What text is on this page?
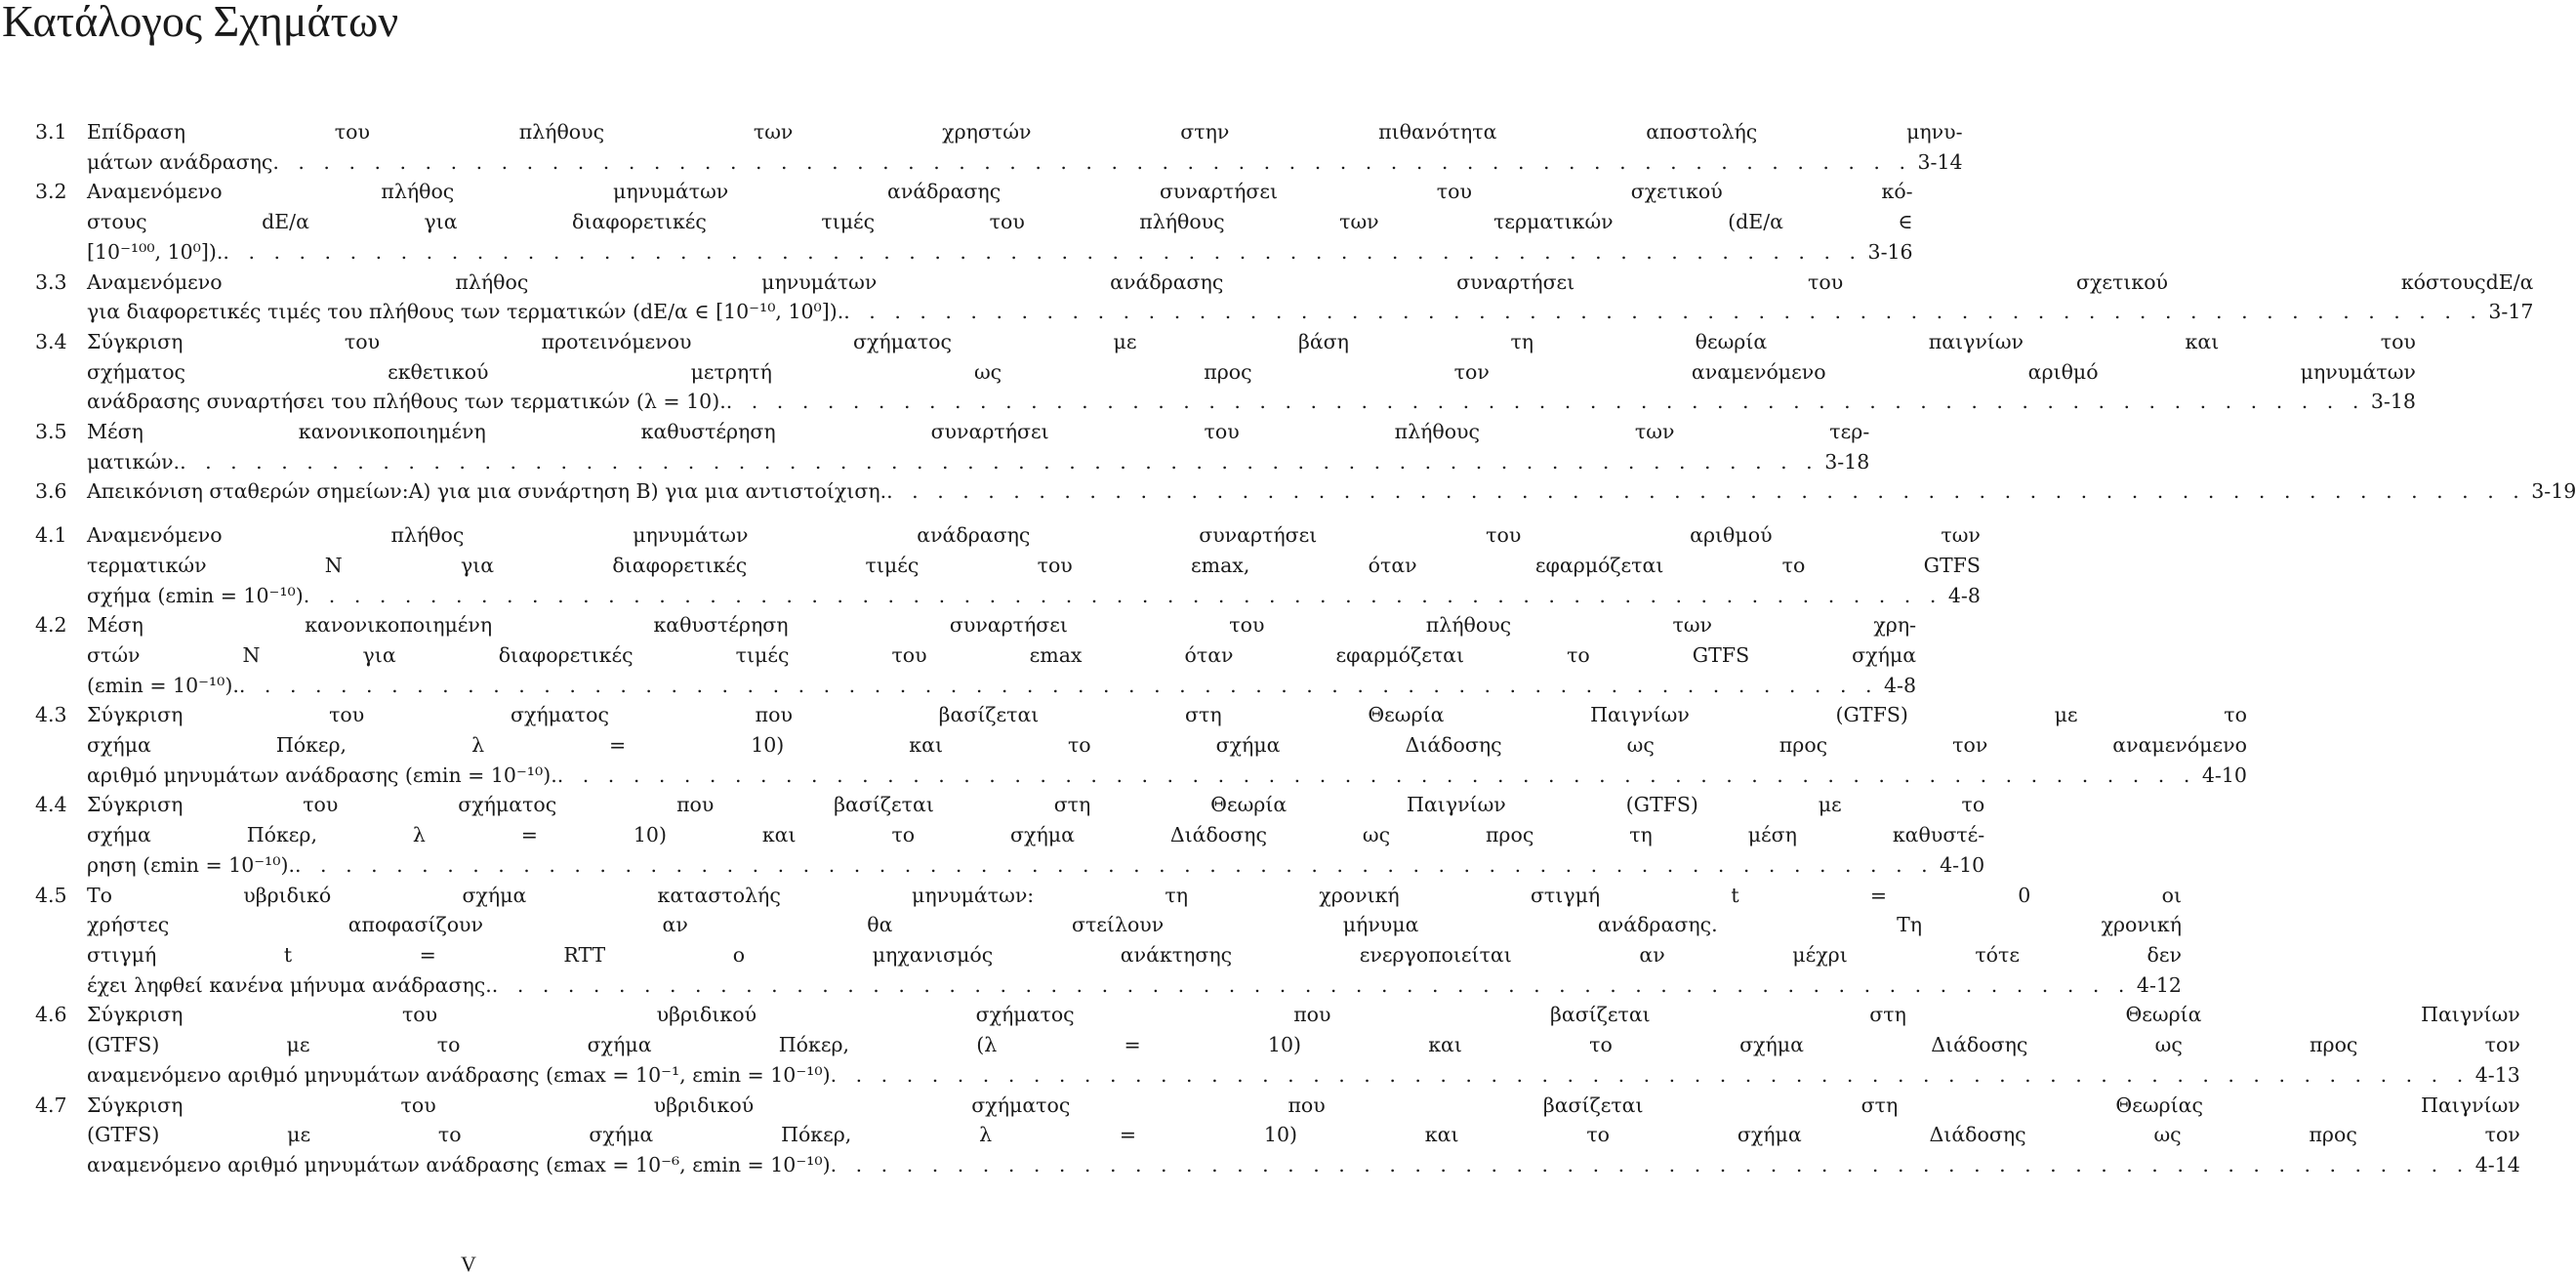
Κατάλογος Σχημάτων
3.1 Επίδραση του πλήθους των χρηστών στην πιθανότητα αποστολής μηνυ-
μάτων ανάδρασης . . .	3-14
3.2 Αναμενόμενο πλήθος μηνυμάτων ανάδρασης συναρτήσει του σχετικού κό-
στους dE/α για διαφορετικές τιμές του πλήθους των τερματικών (dE/α ∈
[10⁻¹⁰⁰, 10⁰]). . . .	3-16
3.3 Αναμενόμενο πλήθος μηνυμάτων ανάδρασης συναρτήσει του σχετικού κόστουςdE/α
για διαφορετικές τιμές του πλήθους των τερματικών (dE/α ∈ [10⁻¹⁰, 10⁰]). . . .	3-17
3.4 Σύγκριση του προτεινόμενου σχήματος με βάση τη θεωρία παιγνίων και του
σχήματος εκθετικού μετρητή ως προς τον αναμενόμενο αριθμό μηνυμάτων
ανάδρασης συναρτήσει του πλήθους των τερματικών (λ = 10). . . .	3-18
3.5 Μέση κανονικοποιημένη καθυστέρηση συναρτήσει του πλήθους των τερ-
ματικών. . . .	3-18
3.6 Απεικόνιση σταθερών σημείων:Α) για μια συνάρτηση Β) για μια αντιστοίχιση. . . .	3-19
4.1 Αναμενόμενο πλήθος μηνυμάτων ανάδρασης συναρτήσει του αριθμού των
τερματικών N για διαφορετικές τιμές του εmax, όταν εφαρμόζεται το GTFS
σχήμα (εmin = 10⁻¹⁰) . . .	4-8
4.2 Μέση κανονικοποιημένη καθυστέρηση συναρτήσει του πλήθους των χρη-
στών N για διαφορετικές τιμές του εmax όταν εφαρμόζεται το GTFS σχήμα
(εmin = 10⁻¹⁰). . . .	4-8
4.3 Σύγκριση του σχήματος που βασίζεται στη Θεωρία Παιγνίων (GTFS) με το
σχήμα Πόκερ, λ = 10) και το σχήμα Διάδοσης ως προς τον αναμενόμενο
αριθμό μηνυμάτων ανάδρασης (εmin = 10⁻¹⁰). . . .	4-10
4.4 Σύγκριση του σχήματος που βασίζεται στη Θεωρία Παιγνίων (GTFS) με το
σχήμα Πόκερ, λ = 10) και το σχήμα Διάδοσης ως προς τη μέση καθυστέ-
ρηση (εmin = 10⁻¹⁰). . . .	4-10
4.5 Το υβριδικό σχήμα καταστολής μηνυμάτων: τη χρονική στιγμή t = 0 οι
χρήστες αποφασίζουν αν θα στείλουν μήνυμα ανάδρασης. Τη χρονική
στιγμή t = RTT ο μηχανισμός ανάκτησης ενεργοποιείται αν μέχρι τότε δεν
έχει ληφθεί κανένα μήνυμα ανάδρασης. . . .	4-12
4.6 Σύγκριση του υβριδικού σχήματος που βασίζεται στη Θεωρία Παιγνίων
(GTFS) με το σχήμα Πόκερ, (λ = 10) και το σχήμα Διάδοσης ως προς τον
αναμενόμενο αριθμό μηνυμάτων ανάδρασης (εmax = 10⁻¹, εmin = 10⁻¹⁰) . . .	4-13
4.7 Σύγκριση του υβριδικού σχήματος που βασίζεται στη Θεωρίας Παιγνίων
(GTFS) με το σχήμα Πόκερ, λ = 10) και το σχήμα Διάδοσης ως προς τον
αναμενόμενο αριθμό μηνυμάτων ανάδρασης (εmax = 10⁻⁶, εmin = 10⁻¹⁰) . . .	4-14
V
